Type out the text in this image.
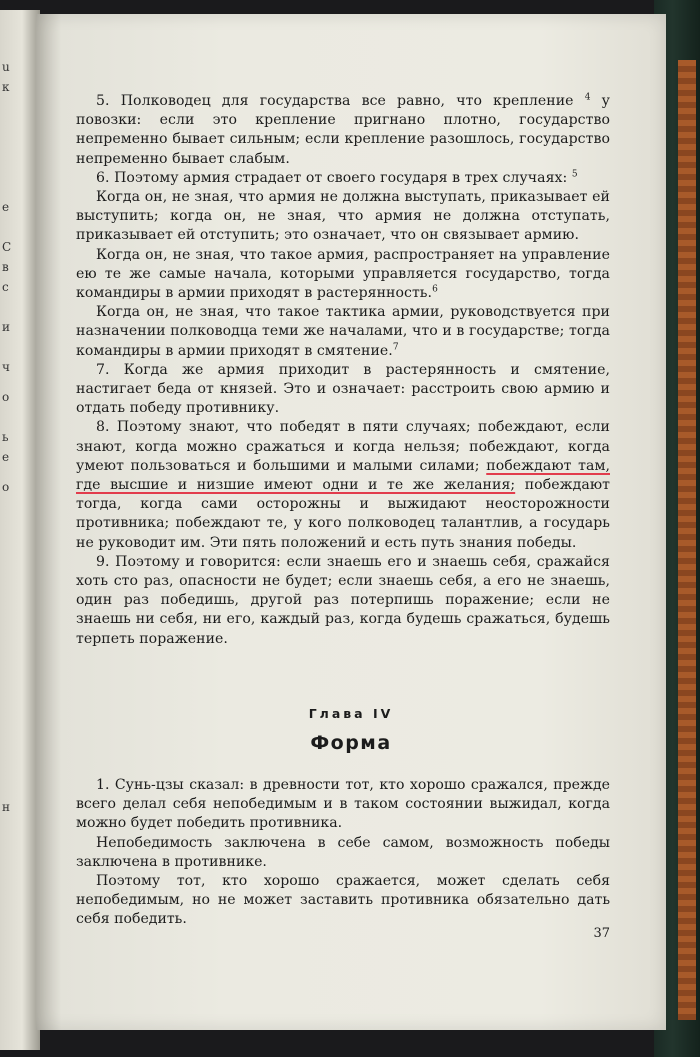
u
к
e
C
в
с
и
ч
о
ь
е
о
н

5. Полководец для государства все равно, что крепление $^4$ у повозки: если это крепление пригнано плотно, государство непременно бывает сильным; если крепление разошлось, государство непременно бывает слабым.

6. Поэтому армия страдает от своего государя в трех случаях: $^5$

Когда он, не зная, что армия не должна выступать, приказывает ей выступить; когда он, не зная, что армия не должна отступать, приказывает ей отступить; это означает, что он связывает армию.

Когда он, не зная, что такое армия, распространяет на управление ею те же самые начала, которыми управляется государство, тогда командиры в армии приходят в растерянность.$^6$

Когда он, не зная, что такое тактика армии, руководствуется при назначении полководца теми же началами, что и в государстве; тогда командиры в армии приходят в смятение.$^7$

7. Когда же армия приходит в растерянность и смятение, настигает беда от князей. Это и означает: расстроить свою армию и отдать победу противнику.

8. Поэтому знают, что победят в пяти случаях; побеждают, если знают, когда можно сражаться и когда нельзя; побеждают, когда умеют пользоваться и большими и малыми силами; побеждают там, где высшие и низшие имеют одни и те же желания; побеждают тогда, когда сами осторожны и выжидают неосторожности противника; побеждают те, у кого полководец талантлив, а государь не руководит им. Эти пять положений и есть путь знания победы.

9. Поэтому и говорится: если знаешь его и знаешь себя, сражайся хоть сто раз, опасности не будет; если знаешь себя, а его не знаешь, один раз победишь, другой раз потерпишь поражение; если не знаешь ни себя, ни его, каждый раз, когда будешь сражаться, будешь терпеть поражение.

Глава IV
Форма

1. Сунь-цзы сказал: в древности тот, кто хорошо сражался, прежде всего делал себя непобедимым и в таком состоянии выжидал, когда можно будет победить противника.

Непобедимость заключена в себе самом, возможность победы заключена в противнике.

Поэтому тот, кто хорошо сражается, может сделать себя непобедимым, но не может заставить противника обязательно дать себя победить.

37
